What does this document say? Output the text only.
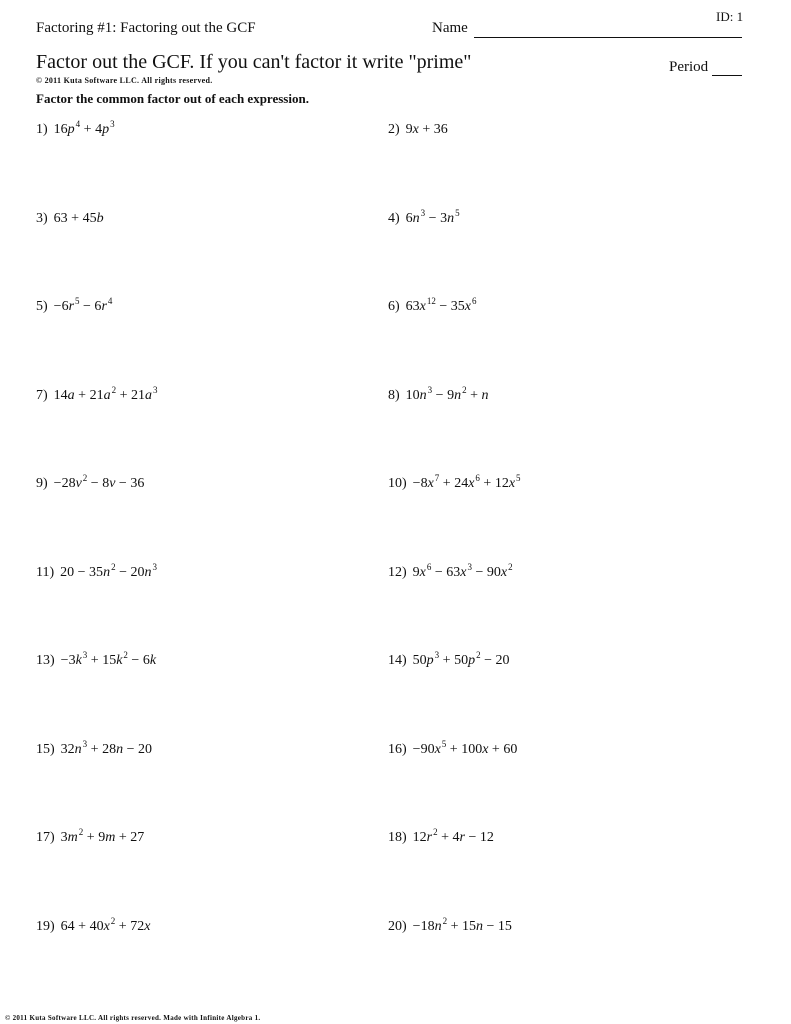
ID: 1
Factoring #1: Factoring out the GCF	Name
Factor out the GCF. If you can't factor it write "prime"	Period
© 2011 Kuta Software LLC. All rights reserved.
Factor the common factor out of each expression.
1) $16p^4 + 4p^3$	2) 9x + 36
3) 63 + 45b	4) $6n^3 - 3n^5$
$5) -6r^5 - 6r^4$	6) $63x^{12} - 35x^6$
7) $14a + 21a^2 + 21a^3$	8) $10n^3 - 9n^2 + n$
$9) -28v^2 - 8v - 36$	$10) -8x^7 + 24x^6 + 12x^5$
11) $20 - 35n^2 - 20n^3$	12) $9x^6 - 63x^3 - 90x^2$
$13) -3k^3 + 15k^2 - 6k$	14) $50p^3 + 50p^2 - 20$
15) $32n^3 + 28n - 20$	$16) -90x^5 + 100x + 60$
17) $3m^2 + 9m + 27$	18) $12r^2 + 4r - 12$
19) $64 + 40x^2 + 72x$	$20) -18n^2 + 15n - 15$
© 2011 Kuta Software LLC. All rights reserved. Made with Infinite Algebra 1.
